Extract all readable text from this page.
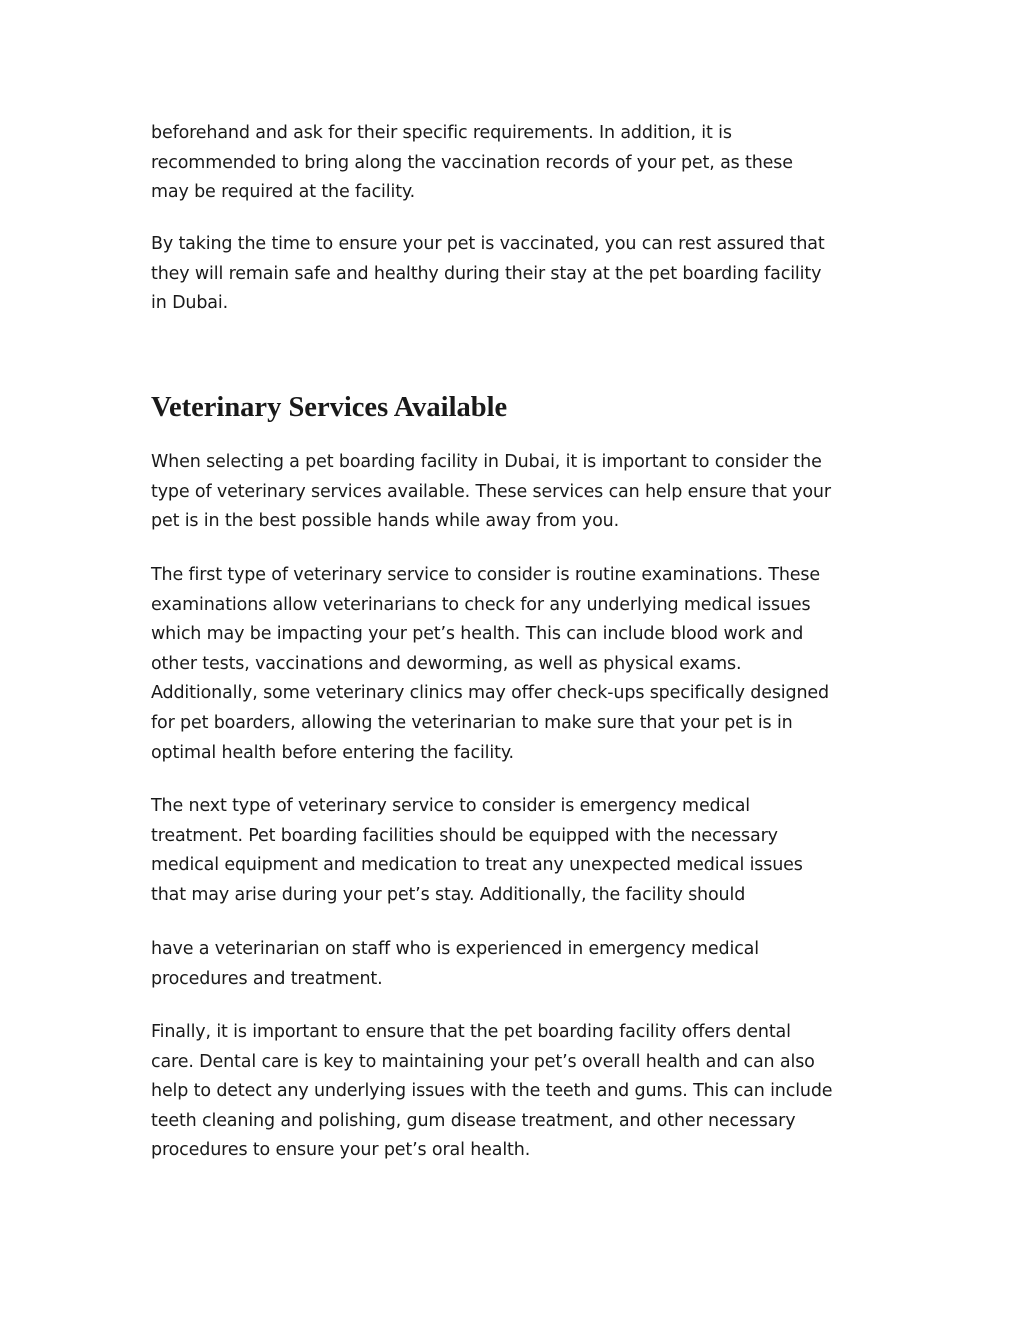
beforehand and ask for their specific requirements. In addition, it is
recommended to bring along the vaccination records of your pet, as these
may be required at the facility.

By taking the time to ensure your pet is vaccinated, you can rest assured that
they will remain safe and healthy during their stay at the pet boarding facility
in Dubai.

Veterinary Services Available

When selecting a pet boarding facility in Dubai, it is important to consider the
type of veterinary services available. These services can help ensure that your
pet is in the best possible hands while away from you.

The first type of veterinary service to consider is routine examinations. These
examinations allow veterinarians to check for any underlying medical issues
which may be impacting your pet’s health. This can include blood work and
other tests, vaccinations and deworming, as well as physical exams.
Additionally, some veterinary clinics may offer check-ups specifically designed
for pet boarders, allowing the veterinarian to make sure that your pet is in
optimal health before entering the facility.

The next type of veterinary service to consider is emergency medical
treatment. Pet boarding facilities should be equipped with the necessary
medical equipment and medication to treat any unexpected medical issues
that may arise during your pet’s stay. Additionally, the facility should

have a veterinarian on staff who is experienced in emergency medical
procedures and treatment.

Finally, it is important to ensure that the pet boarding facility offers dental
care. Dental care is key to maintaining your pet’s overall health and can also
help to detect any underlying issues with the teeth and gums. This can include
teeth cleaning and polishing, gum disease treatment, and other necessary
procedures to ensure your pet’s oral health.
